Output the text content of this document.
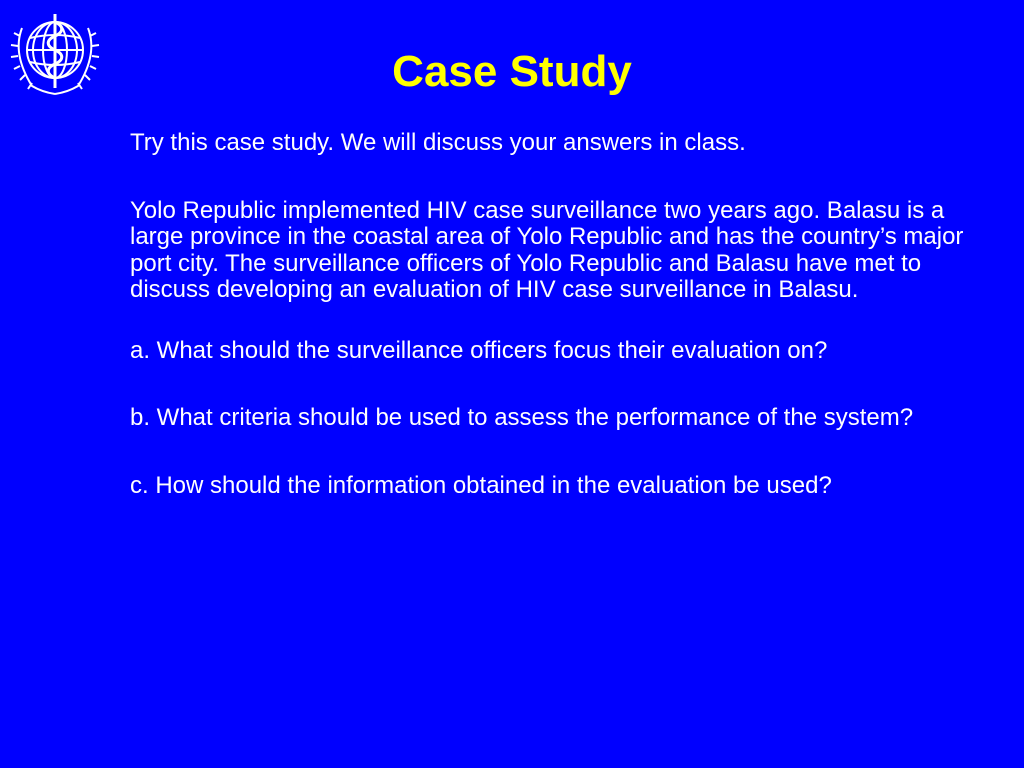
Case Study

Try this case study. We will discuss your answers in class.

Yolo Republic implemented HIV case surveillance two years ago. Balasu is a large province in the coastal area of Yolo Republic and has the country’s major port city. The surveillance officers of Yolo Republic and Balasu have met to discuss developing an evaluation of HIV case surveillance in Balasu.

a. What should the surveillance officers focus their evaluation on?

b. What criteria should be used to assess the performance of the system?

c. How should the information obtained in the evaluation be used?
